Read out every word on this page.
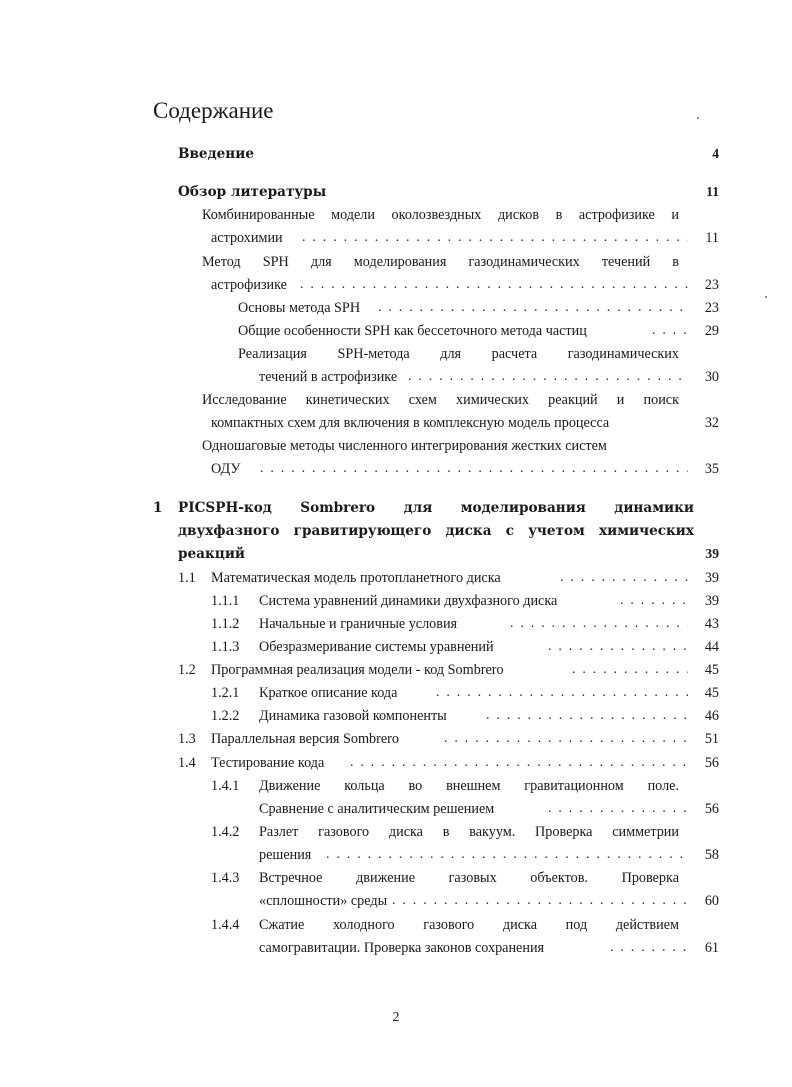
Содержание
Введение	4
Обзор литературы	11
Комбинированные модели околозвездных дисков в астрофизике и
астрохимии . . .	11
Метод SPH для моделирования газодинамических течений в
астрофизике . . .	23
Основы метода SPH . . .	23
Общие особенности SPH как бессеточного метода частиц . . .	29
Реализация SPH-метода для расчета газодинамических
течений в астрофизике . . .	30
Исследование кинетических схем химических реакций и поиск
компактных схем для включения в комплексную модель процесса	32
Одношаговые методы численного интегрирования жестких систем
ОДУ . . .	35
1 PICSPH-код Sombrero для моделирования динамики
двухфазного гравитирующего диска с учетом химических
реакций	39
1.1 Математическая модель протопланетного диска . . .	39
1.1.1 Система уравнений динамики двухфазного диска . . .	39
1.1.2 Начальные и граничные условия . . .	43
1.1.3 Обезразмеривание системы уравнений . . .	44
1.2 Программная реализация модели - код Sombrero . . .	45
1.2.1 Краткое описание кода . . .	45
1.2.2 Динамика газовой компоненты . . .	46
1.3 Параллельная версия Sombrero . . .	51
1.4 Тестирование кода . . .	56
1.4.1 Движение кольца во внешнем гравитационном поле.
Сравнение с аналитическим решением . . .	56
1.4.2 Разлет газового диска в вакуум. Проверка симметрии
решения . . .	58
1.4.3 Встречное движение газовых объектов. Проверка
«сплошности» среды . . .	60
1.4.4 Сжатие холодного газового диска под действием
самогравитации. Проверка законов сохранения . . .	61
2
